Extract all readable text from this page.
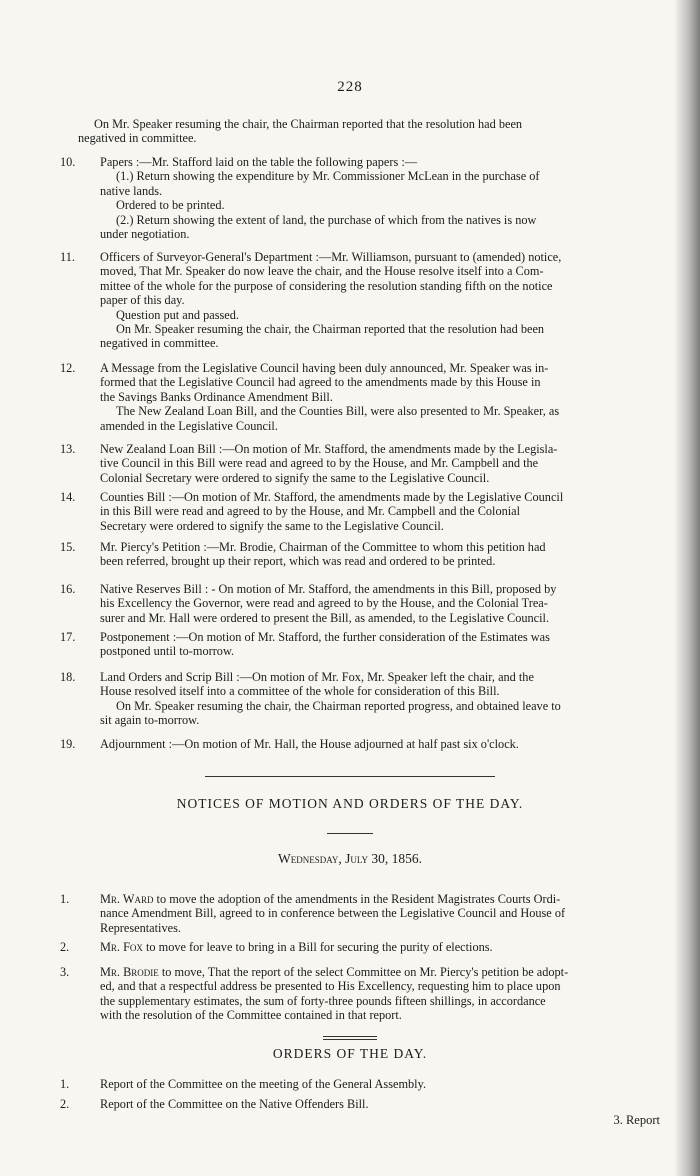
228

On Mr. Speaker resuming the chair, the Chairman reported that the resolution had been

negatived in committee.

10.	Papers :—Mr. Stafford laid on the table the following papers :—

(1.) Return showing the expenditure by Mr. Commissioner McLean in the purchase of
native lands.

Ordered to be printed.

(2.) Return showing the extent of land, the purchase of which from the natives is now
under negotiation.

11.	Officers of Surveyor-General's Department :—Mr. Williamson, pursuant to (amended) notice,
moved, That Mr. Speaker do now leave the chair, and the House resolve itself into a Com-
mittee of the whole for the purpose of considering the resolution standing fifth on the notice
paper of this day.

Question put and passed.

On Mr. Speaker resuming the chair, the Chairman reported that the resolution had been
negatived in committee.

12.	A Message from the Legislative Council having been duly announced, Mr. Speaker was in-
formed that the Legislative Council had agreed to the amendments made by this House in
the Savings Banks Ordinance Amendment Bill.

The New Zealand Loan Bill, and the Counties Bill, were also presented to Mr. Speaker, as
amended in the Legislative Council.

13.	New Zealand Loan Bill :—On motion of Mr. Stafford, the amendments made by the Legisla-
tive Council in this Bill were read and agreed to by the House, and Mr. Campbell and the
Colonial Secretary were ordered to signify the same to the Legislative Council.

14.	Counties Bill :—On motion of Mr. Stafford, the amendments made by the Legislative Council
in this Bill were read and agreed to by the House, and Mr. Campbell and the Colonial
Secretary were ordered to signify the same to the Legislative Council.

15.	Mr. Piercy's Petition :—Mr. Brodie, Chairman of the Committee to whom this petition had
been referred, brought up their report, which was read and ordered to be printed.

16.	Native Reserves Bill : - On motion of Mr. Stafford, the amendments in this Bill, proposed by
his Excellency the Governor, were read and agreed to by the House, and the Colonial Trea-
surer and Mr. Hall were ordered to present the Bill, as amended, to the Legislative Council.

17.	Postponement :—On motion of Mr. Stafford, the further consideration of the Estimates was
postponed until to-morrow.

18.	Land Orders and Scrip Bill :—On motion of Mr. Fox, Mr. Speaker left the chair, and the
House resolved itself into a committee of the whole for consideration of this Bill.

On Mr. Speaker resuming the chair, the Chairman reported progress, and obtained leave to
sit again to-morrow.

19.	Adjournment :—On motion of Mr. Hall, the House adjourned at half past six o'clock.

NOTICES OF MOTION AND ORDERS OF THE DAY.
Wednesday, July 30, 1856.
1.	Mr. Ward to move the adoption of the amendments in the Resident Magistrates Courts Ordi-
nance Amendment Bill, agreed to in conference between the Legislative Council and House of
Representatives.
2.	Mr. Fox to move for leave to bring in a Bill for securing the purity of elections.
3.	Mr. Brodie to move, That the report of the select Committee on Mr. Piercy's petition be adopt-
ed, and that a respectful address be presented to His Excellency, requesting him to place upon
the supplementary estimates, the sum of forty-three pounds fifteen shillings, in accordance
with the resolution of the Committee contained in that report.
ORDERS OF THE DAY.
1.	Report of the Committee on the meeting of the General Assembly.
2.	Report of the Committee on the Native Offenders Bill.
3. Report
